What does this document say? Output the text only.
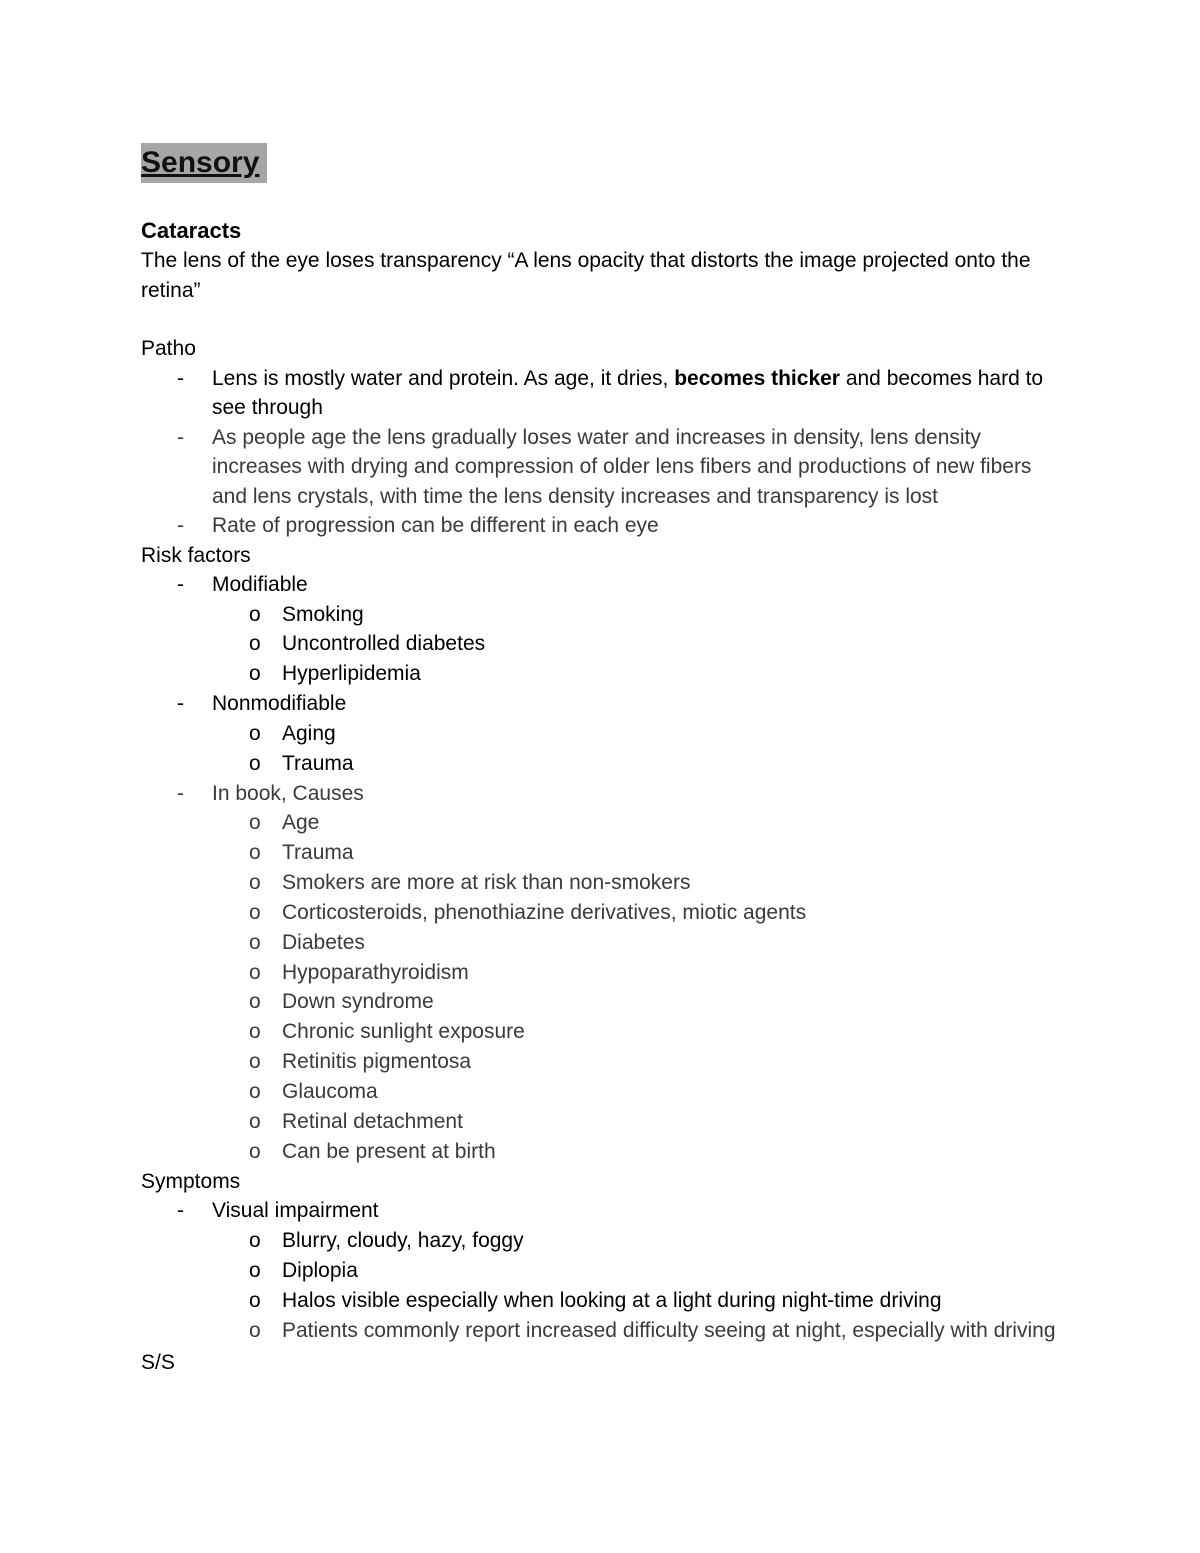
Sensory
Cataracts
The lens of the eye loses transparency “A lens opacity that distorts the image projected onto the retina”
Patho
- Lens is mostly water and protein. As age, it dries, becomes thicker and becomes hard to see through
- As people age the lens gradually loses water and increases in density, lens density increases with drying and compression of older lens fibers and productions of new fibers and lens crystals, with time the lens density increases and transparency is lost
- Rate of progression can be different in each eye
Risk factors
- Modifiable
o Smoking
o Uncontrolled diabetes
o Hyperlipidemia
- Nonmodifiable
o Aging
o Trauma
- In book, Causes
o Age
o Trauma
o Smokers are more at risk than non-smokers
o Corticosteroids, phenothiazine derivatives, miotic agents
o Diabetes
o Hypoparathyroidism
o Down syndrome
o Chronic sunlight exposure
o Retinitis pigmentosa
o Glaucoma
o Retinal detachment
o Can be present at birth
Symptoms
- Visual impairment
o Blurry, cloudy, hazy, foggy
o Diplopia
o Halos visible especially when looking at a light during night-time driving
o Patients commonly report increased difficulty seeing at night, especially with driving
S/S
